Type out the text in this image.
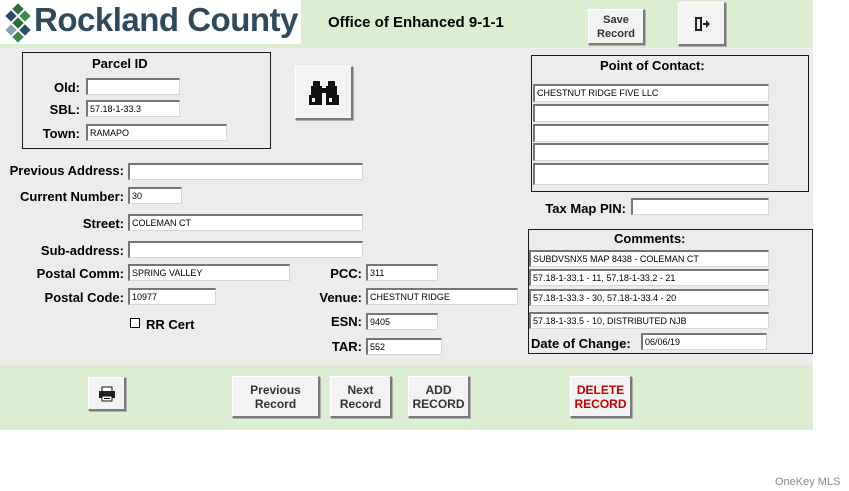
Rockland County Office of Enhanced 9-1-1	Save
Record
Parcel ID
Old:
SBL:	57.18-1-33.3
Town:	RAMAPO
Previous Address:
Current Number: 30
Street: COLEMAN CT
Sub-address:
Postal Comm: SPRING VALLEY
Postal Code: 10977
RR Cert
PCC: 311
Venue: CHESTNUT RIDGE
ESN: 9405
TAR: 552
Point of Contact:
CHESTNUT RIDGE FIVE LLC
Tax Map PIN:
Comments:
SUBDVSNX5 MAP 8438 - COLEMAN CT
57.18-1-33.1 - 11, 57.18-1-33.2 - 21
57.18-1-33.3 - 30, 57.18-1-33.4 - 20
57.18-1-33.5 - 10, DISTRIBUTED NJB
Date of Change:	06/06/19
Previous
Record
Next
Record
ADD
RECORD
DELETE
RECORD
OneKey MLS
